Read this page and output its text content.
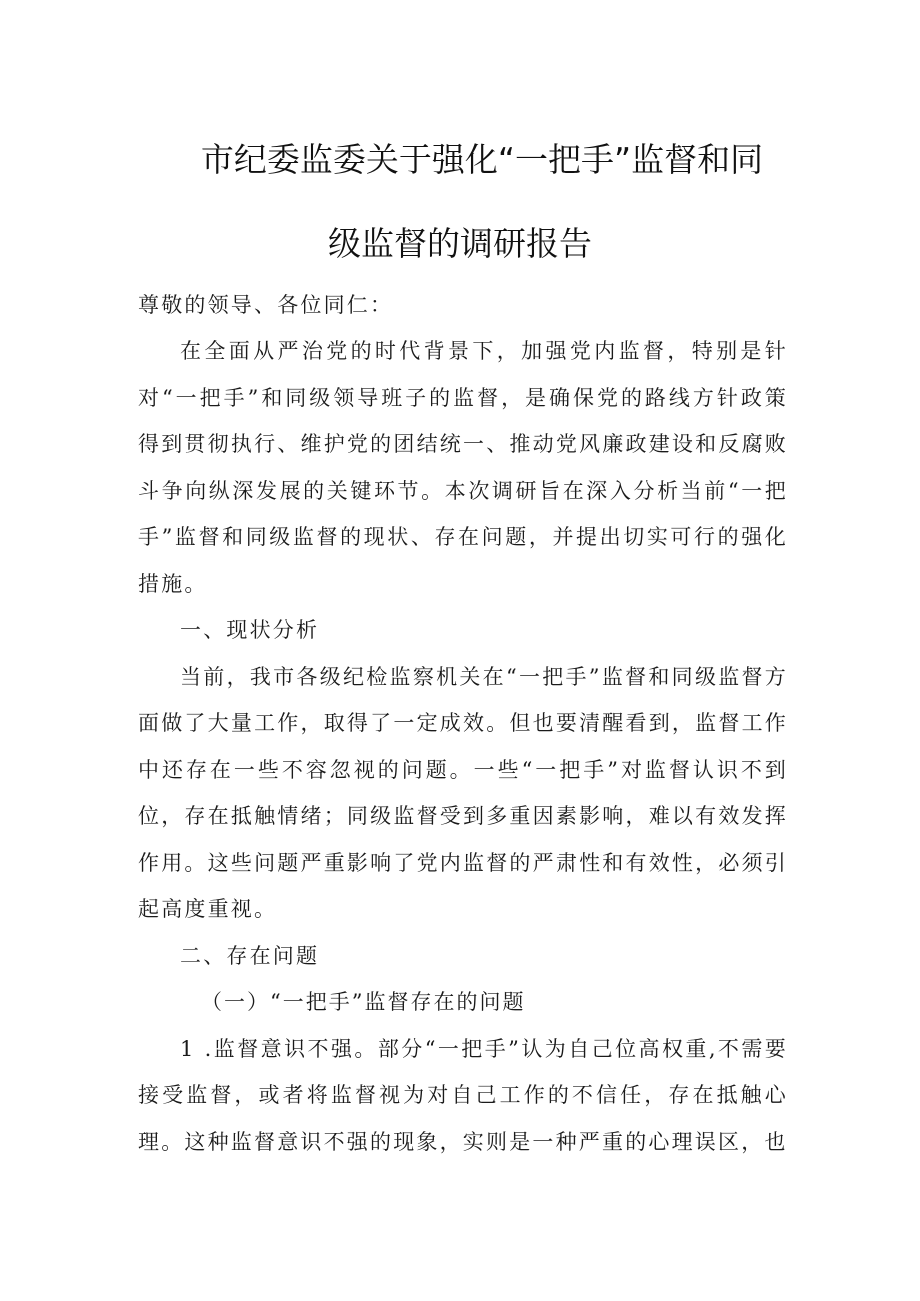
市纪委监委关于强化“一把手”监督和同
级监督的调研报告
尊敬的领导、各位同仁：

在全面从严治党的时代背景下，加强党内监督，特别是针对“一把手”和同级领导班子的监督，是确保党的路线方针政策得到贯彻执行、维护党的团结统一、推动党风廉政建设和反腐败斗争向纵深发展的关键环节。本次调研旨在深入分析当前“一把手”监督和同级监督的现状、存在问题，并提出切实可行的强化措施。

一、现状分析

当前，我市各级纪检监察机关在“一把手”监督和同级监督方面做了大量工作，取得了一定成效。但也要清醒看到，监督工作中还存在一些不容忽视的问题。一些“一把手”对监督认识不到位，存在抵触情绪；同级监督受到多重因素影响，难以有效发挥作用。这些问题严重影响了党内监督的严肃性和有效性，必须引起高度重视。

二、存在问题

（一）“一把手”监督存在的问题

1 .监督意识不强。部分“一把手”认为自己位高权重,不需要接受监督，或者将监督视为对自己工作的不信任，存在抵触心理。这种监督意识不强的现象，实则是一种严重的心理误区，也
